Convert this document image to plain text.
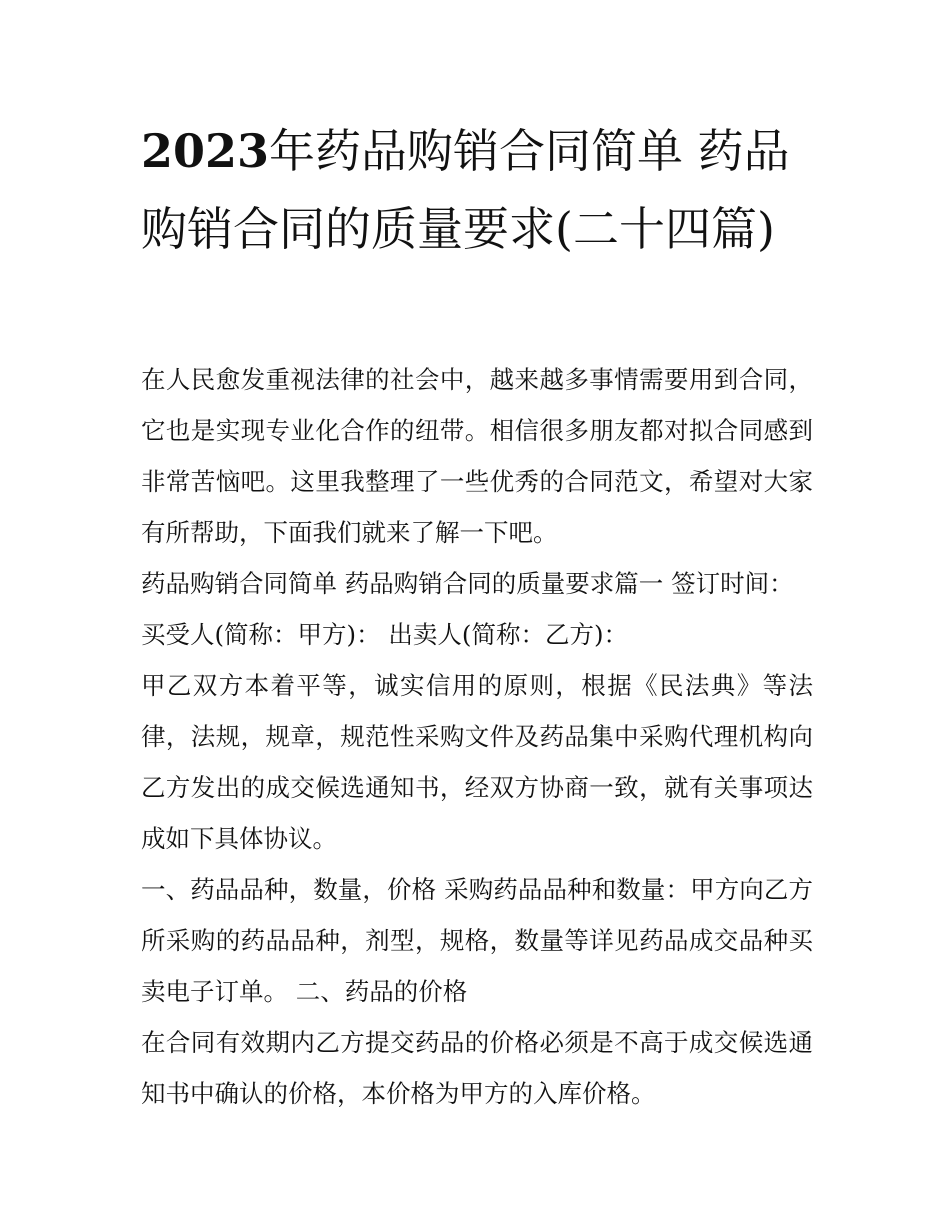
2023年药品购销合同简单 药品购销合同的质量要求(二十四篇)

在人民愈发重视法律的社会中，越来越多事情需要用到合同，它也是实现专业化合作的纽带。相信很多朋友都对拟合同感到非常苦恼吧。这里我整理了一些优秀的合同范文，希望对大家有所帮助，下面我们就来了解一下吧。

药品购销合同简单 药品购销合同的质量要求篇一 签订时间：

买受人(简称：甲方)： 出卖人(简称：乙方)：

甲乙双方本着平等，诚实信用的原则，根据《民法典》等法律，法规，规章，规范性采购文件及药品集中采购代理机构向乙方发出的成交候选通知书，经双方协商一致，就有关事项达成如下具体协议。

一、药品品种，数量，价格 采购药品品种和数量：甲方向乙方所采购的药品品种，剂型，规格，数量等详见药品成交品种买卖电子订单。 二、药品的价格

在合同有效期内乙方提交药品的价格必须是不高于成交候选通知书中确认的价格，本价格为甲方的入库价格。
